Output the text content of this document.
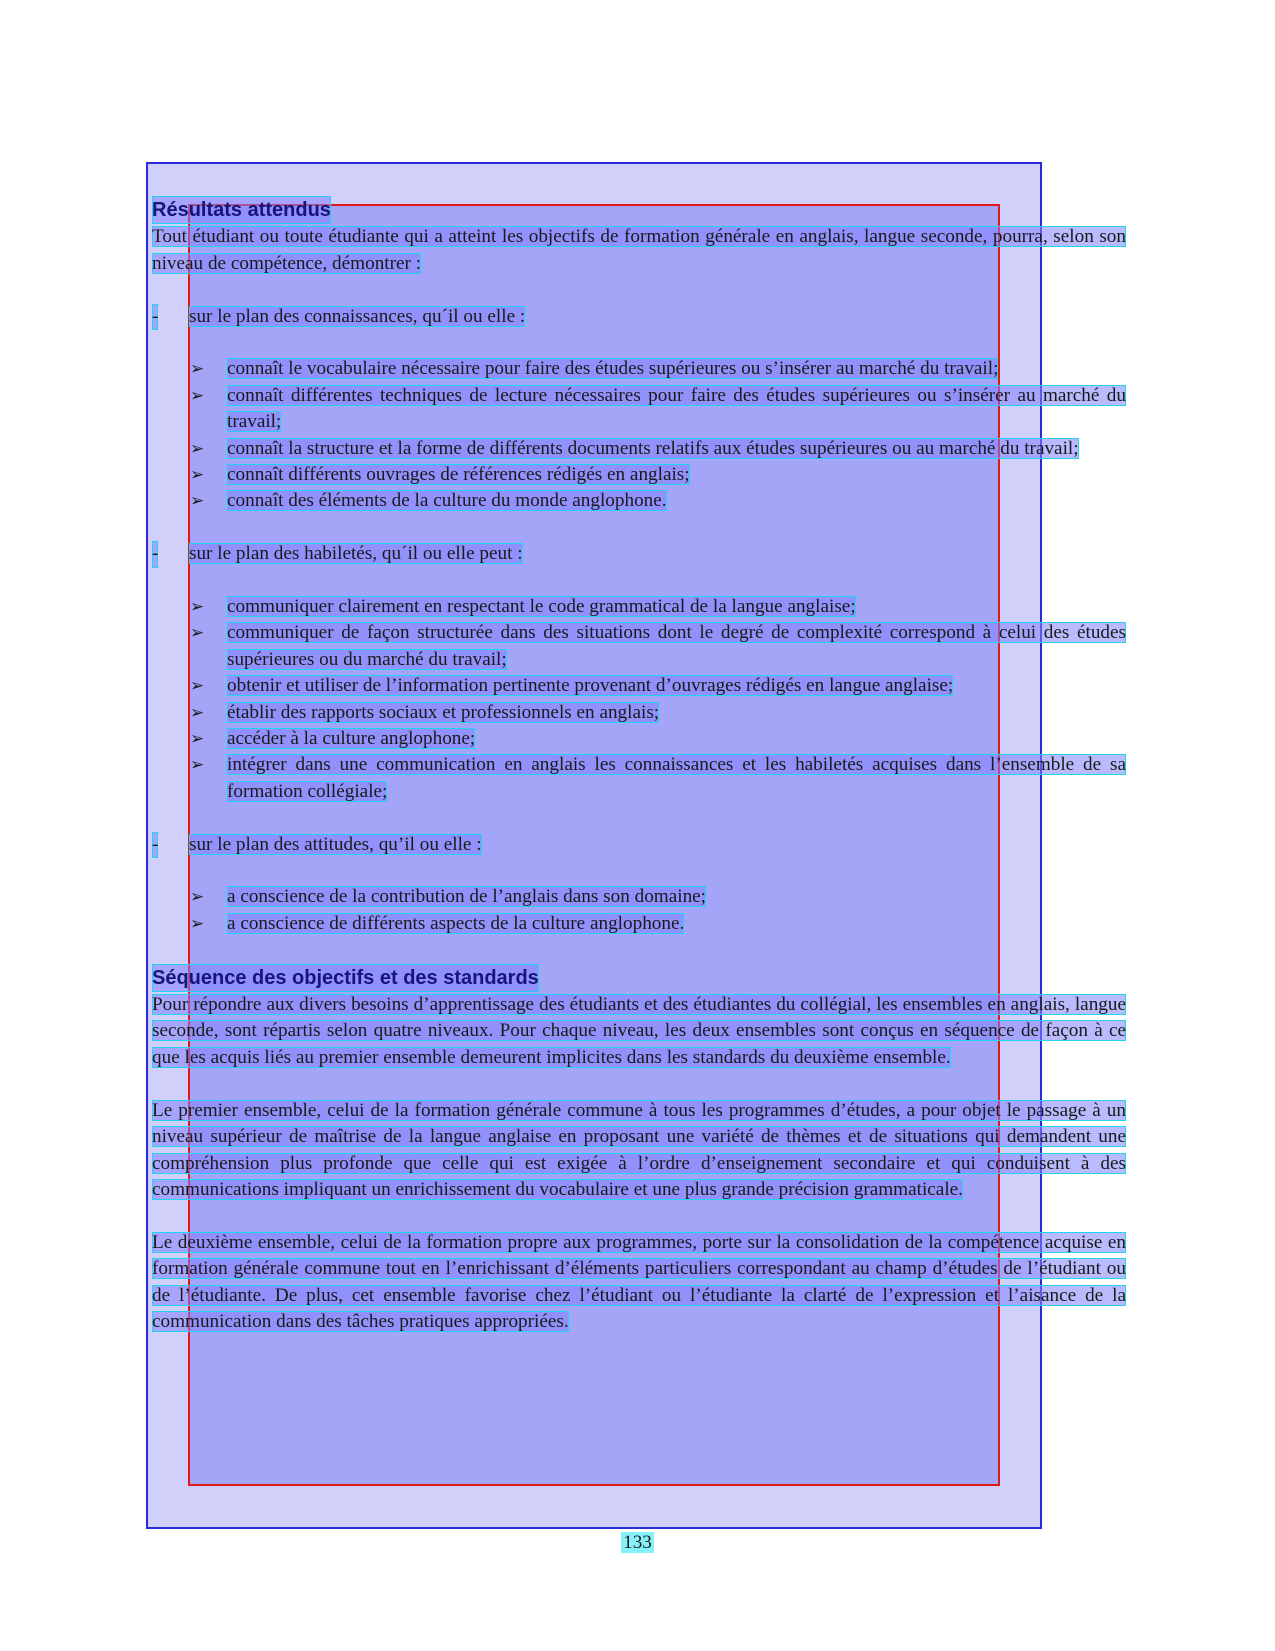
Résultats attendus

Tout étudiant ou toute étudiante qui a atteint les objectifs de formation générale en anglais, langue seconde, pourra, selon son niveau de compétence, démontrer :

- sur le plan des connaissances, qu´il ou elle :
➢ connaît le vocabulaire nécessaire pour faire des études supérieures ou s’insérer au marché du travail;
➢ connaît différentes techniques de lecture nécessaires pour faire des études supérieures ou s’insérer au marché du travail;
➢ connaît la structure et la forme de différents documents relatifs aux études supérieures ou au marché du travail;
➢ connaît différents ouvrages de références rédigés en anglais;
➢ connaît des éléments de la culture du monde anglophone.
- sur le plan des habiletés, qu´il ou elle peut :
➢ communiquer clairement en respectant le code grammatical de la langue anglaise;
➢ communiquer de façon structurée dans des situations dont le degré de complexité correspond à celui des études supérieures ou du marché du travail;
➢ obtenir et utiliser de l’information pertinente provenant d’ouvrages rédigés en langue anglaise;
➢ établir des rapports sociaux et professionnels en anglais;
➢ accéder à la culture anglophone;
➢ intégrer dans une communication en anglais les connaissances et les habiletés acquises dans l’ensemble de sa formation collégiale;
- sur le plan des attitudes, qu’il ou elle :
➢ a conscience de la contribution de l’anglais dans son domaine;
➢ a conscience de différents aspects de la culture anglophone.
Séquence des objectifs et des standards

Pour répondre aux divers besoins d’apprentissage des étudiants et des étudiantes du collégial, les ensembles en anglais, langue seconde, sont répartis selon quatre niveaux. Pour chaque niveau, les deux ensembles sont conçus en séquence de façon à ce que les acquis liés au premier ensemble demeurent implicites dans les standards du deuxième ensemble.

Le premier ensemble, celui de la formation générale commune à tous les programmes d’études, a pour objet le passage à un niveau supérieur de maîtrise de la langue anglaise en proposant une variété de thèmes et de situations qui demandent une compréhension plus profonde que celle qui est exigée à l’ordre d’enseignement secondaire et qui conduisent à des communications impliquant un enrichissement du vocabulaire et une plus grande précision grammaticale.

Le deuxième ensemble, celui de la formation propre aux programmes, porte sur la consolidation de la compétence acquise en formation générale commune tout en l’enrichissant d’éléments particuliers correspondant au champ d’études de l’étudiant ou de l’étudiante. De plus, cet ensemble favorise chez l’étudiant ou l’étudiante la clarté de l’expression et l’aisance de la communication dans des tâches pratiques appropriées.

133
